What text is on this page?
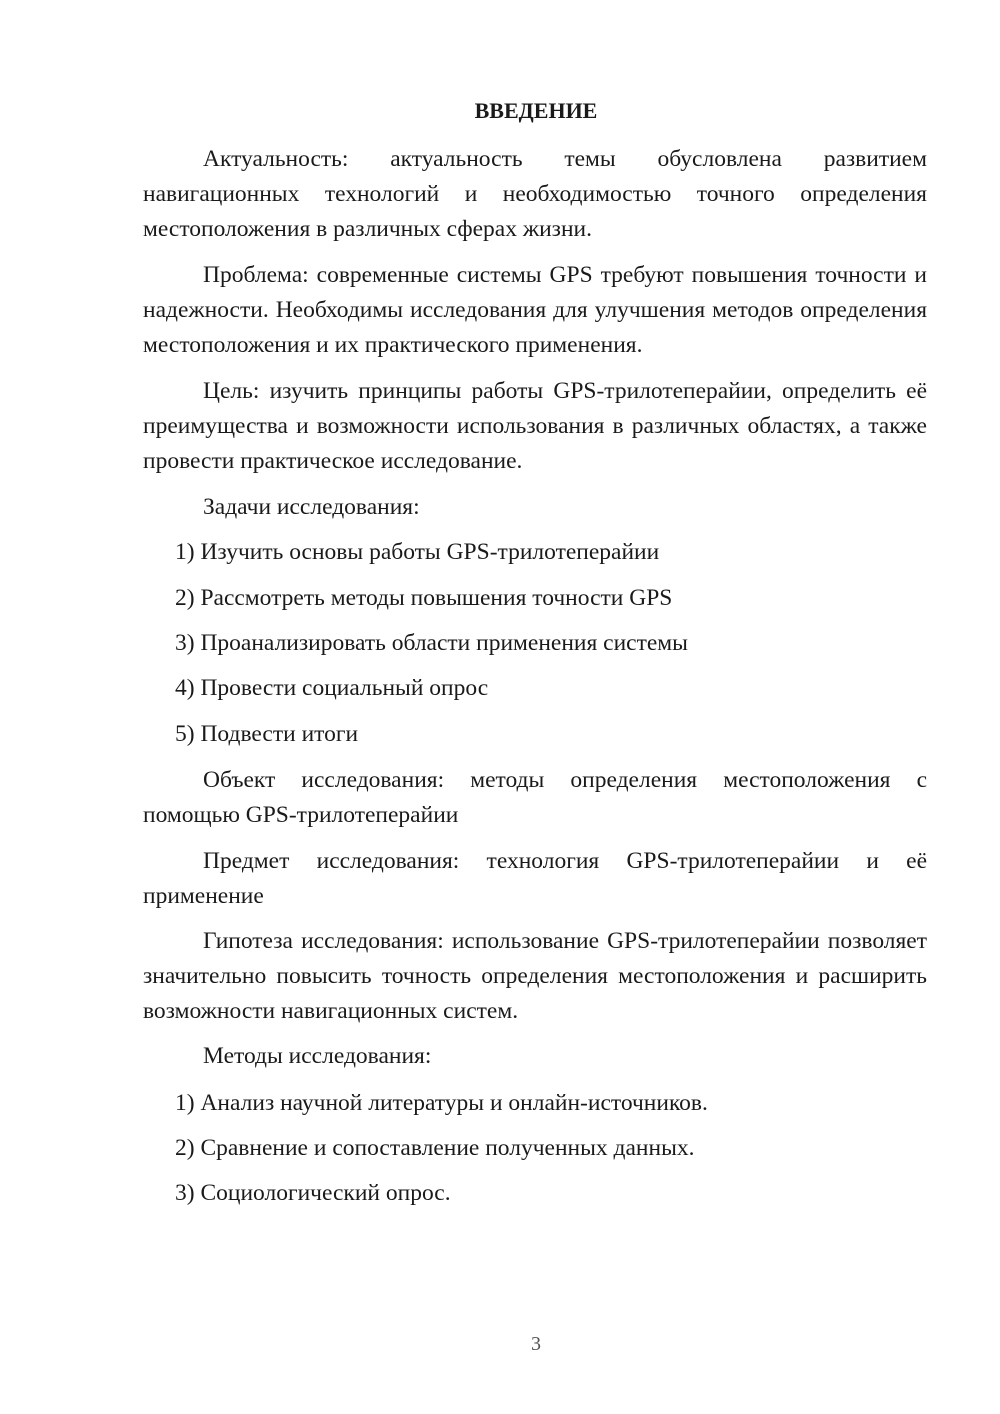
ВВЕДЕНИЕ
Актуальность: актуальность темы обусловлена развитием навигационных технологий и необходимостью точного определения местоположения в различных сферах жизни.
Проблема: современные системы GPS требуют повышения точности и надежности. Необходимы исследования для улучшения методов определения местоположения и их практического применения.
Цель: изучить принципы работы GPS-трилотеперайии, определить её преимущества и возможности использования в различных областях, а также провести практическое исследование.
Задачи исследования:
1) Изучить основы работы GPS-трилотеперайии
2) Рассмотреть методы повышения точности GPS
3) Проанализировать области применения системы
4) Провести социальный опрос
5) Подвести итоги
Объект исследования: методы определения местоположения с помощью GPS-трилотеперайии
Предмет исследования: технология GPS-трилотеперайии и её применение
Гипотеза исследования: использование GPS-трилотеперайии позволяет значительно повысить точность определения местоположения и расширить возможности навигационных систем.
Методы исследования:
1) Анализ научной литературы и онлайн-источников.
2) Сравнение и сопоставление полученных данных.
3) Социологический опрос.
3
